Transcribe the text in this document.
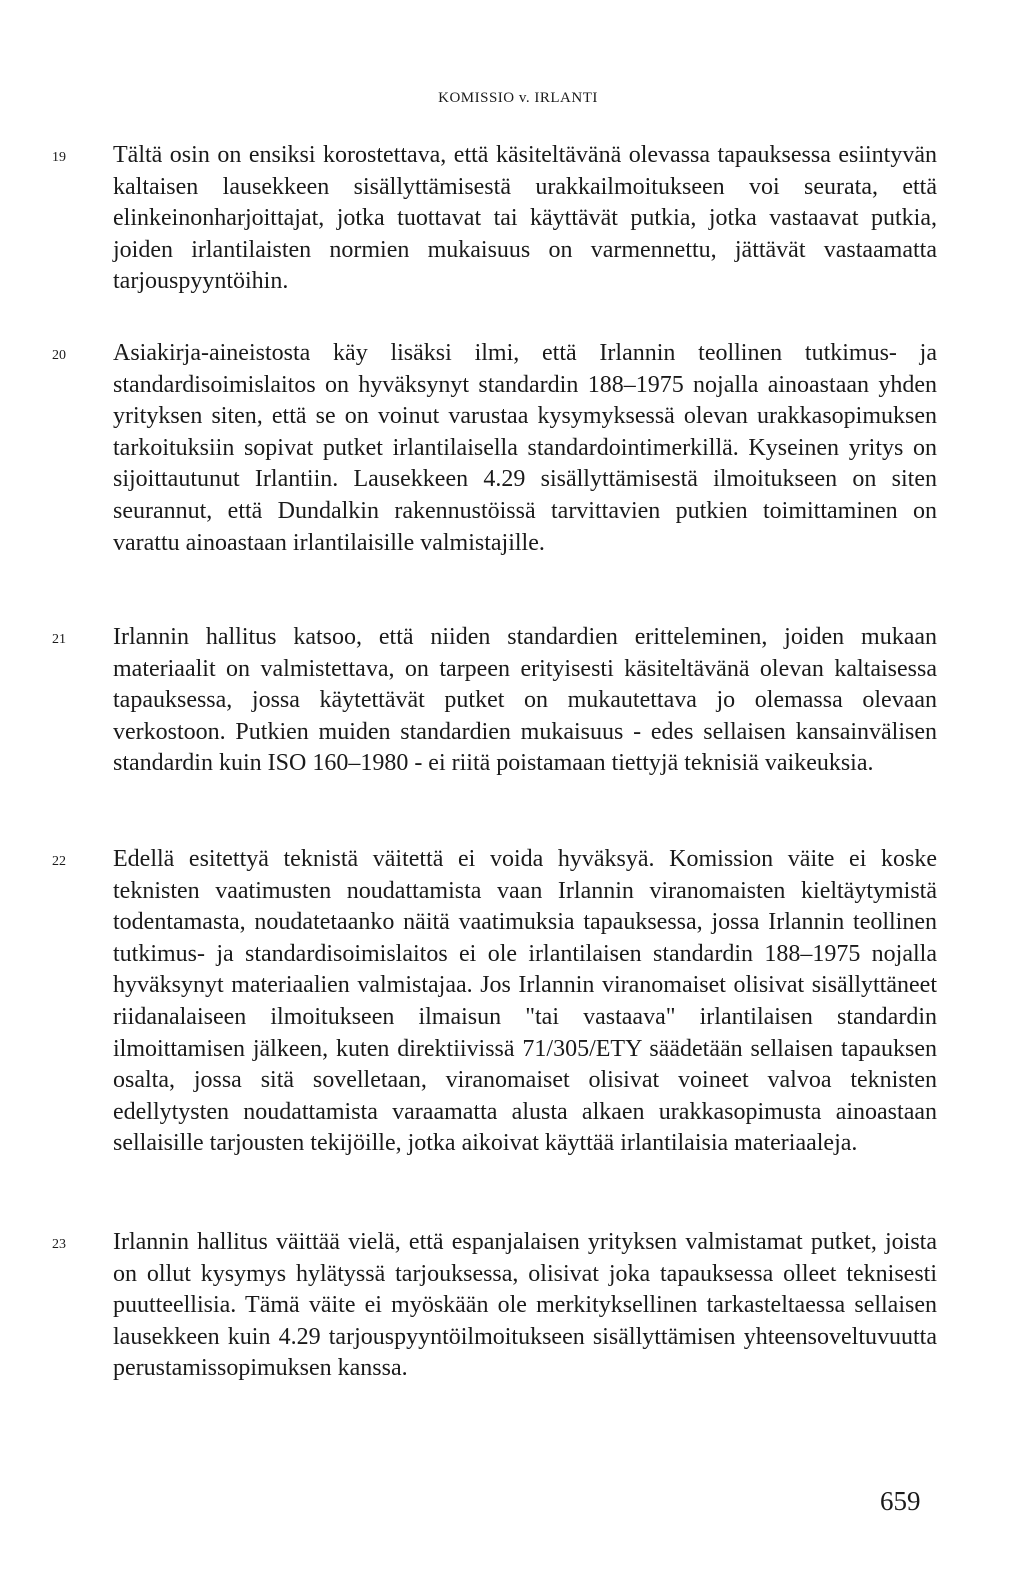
KOMISSIO v. IRLANTI
19 Tältä osin on ensiksi korostettava, että käsiteltävänä olevassa tapauksessa esiintyvän kaltaisen lausekkeen sisällyttämisestä urakkailmoitukseen voi seurata, että elinkeinonharjoittajat, jotka tuottavat tai käyttävät putkia, jotka vastaavat putkia, joiden irlantilaisten normien mukaisuus on varmennettu, jättävät vastaamatta tarjouspyyntöihin.

20 Asiakirja-aineistosta käy lisäksi ilmi, että Irlannin teollinen tutkimus- ja standardisoimislaitos on hyväksynyt standardin 188–1975 nojalla ainoastaan yhden yrityksen siten, että se on voinut varustaa kysymyksessä olevan urakkasopimuksen tarkoituksiin sopivat putket irlantilaisella standardointimerkillä. Kyseinen yritys on sijoittautunut Irlantiin. Lausekkeen 4.29 sisällyttämisestä ilmoitukseen on siten seurannut, että Dundalkin rakennustöissä tarvittavien putkien toimittaminen on varattu ainoastaan irlantilaisille valmistajille.

21 Irlannin hallitus katsoo, että niiden standardien eritteleminen, joiden mukaan materiaalit on valmistettava, on tarpeen erityisesti käsiteltävänä olevan kaltaisessa tapauksessa, jossa käytettävät putket on mukautettava jo olemassa olevaan verkostoon. Putkien muiden standardien mukaisuus - edes sellaisen kansainvälisen standardin kuin ISO 160–1980 - ei riitä poistamaan tiettyjä teknisiä vaikeuksia.

22 Edellä esitettyä teknistä väitettä ei voida hyväksyä. Komission väite ei koske teknisten vaatimusten noudattamista vaan Irlannin viranomaisten kieltäytymistä todentamasta, noudatetaanko näitä vaatimuksia tapauksessa, jossa Irlannin teollinen tutkimus- ja standardisoimislaitos ei ole irlantilaisen standardin 188–1975 nojalla hyväksynyt materiaalien valmistajaa. Jos Irlannin viranomaiset olisivat sisällyttäneet riidanalaiseen ilmoitukseen ilmaisun "tai vastaava" irlantilaisen standardin ilmoittamisen jälkeen, kuten direktiivissä 71/305/ETY säädetään sellaisen tapauksen osalta, jossa sitä sovelletaan, viranomaiset olisivat voineet valvoa teknisten edellytysten noudattamista varaamatta alusta alkaen urakkasopimusta ainoastaan sellaisille tarjousten tekijöille, jotka aikoivat käyttää irlantilaisia materiaaleja.

23 Irlannin hallitus väittää vielä, että espanjalaisen yrityksen valmistamat putket, joista on ollut kysymys hylätyssä tarjouksessa, olisivat joka tapauksessa olleet teknisesti puutteellisia. Tämä väite ei myöskään ole merkityksellinen tarkasteltaessa sellaisen lausekkeen kuin 4.29 tarjouspyyntöilmoitukseen sisällyttämisen yhteensoveltuvuutta perustamissopimuksen kanssa.

659
